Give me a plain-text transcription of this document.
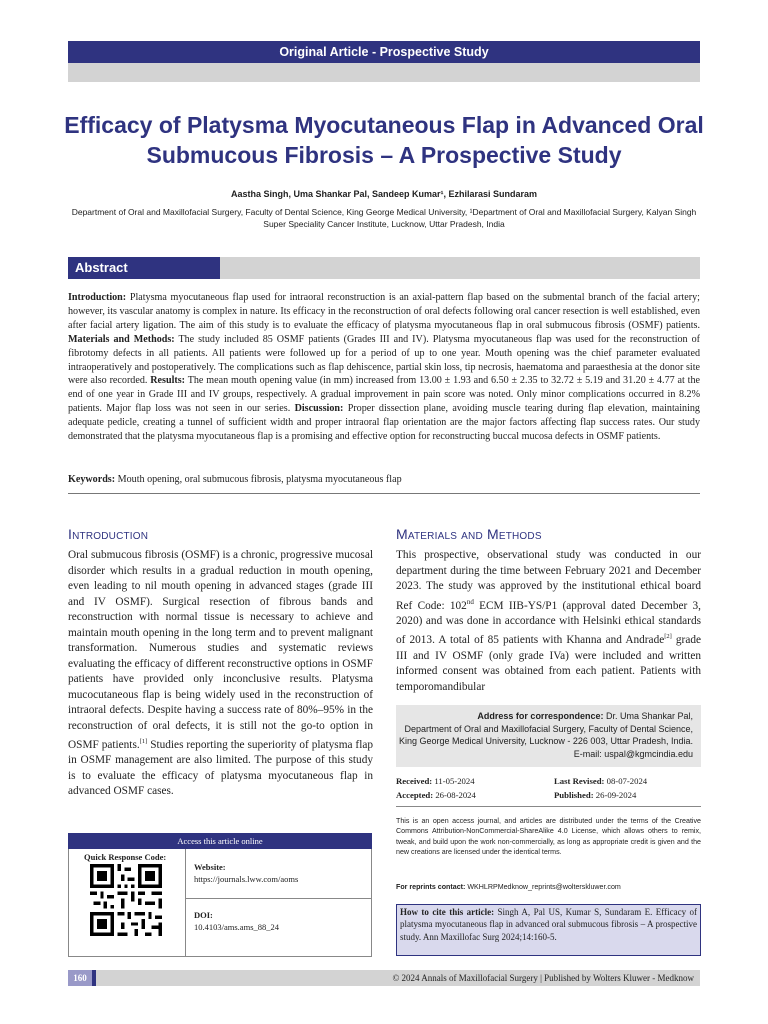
Original Article - Prospective Study
Efficacy of Platysma Myocutaneous Flap in Advanced Oral Submucous Fibrosis – A Prospective Study
Aastha Singh, Uma Shankar Pal, Sandeep Kumar¹, Ezhilarasi Sundaram
Department of Oral and Maxillofacial Surgery, Faculty of Dental Science, King George Medical University, ¹Department of Oral and Maxillofacial Surgery, Kalyan Singh Super Speciality Cancer Institute, Lucknow, Uttar Pradesh, India
Abstract
Introduction: Platysma myocutaneous flap used for intraoral reconstruction is an axial-pattern flap based on the submental branch of the facial artery; however, its vascular anatomy is complex in nature. Its efficacy in the reconstruction of oral defects following oral cancer resection is well established, even after facial artery ligation. The aim of this study is to evaluate the efficacy of platysma myocutaneous flap in oral submucous fibrosis (OSMF) patients. Materials and Methods: The study included 85 OSMF patients (Grades III and IV). Platysma myocutaneous flap was used for the reconstruction of fibrotomy defects in all patients. All patients were followed up for a period of up to one year. Mouth opening was the chief parameter evaluated intraoperatively and postoperatively. The complications such as flap dehiscence, partial skin loss, tip necrosis, haematoma and paraesthesia at the donor site were also recorded. Results: The mean mouth opening value (in mm) increased from 13.00 ± 1.93 and 6.50 ± 2.35 to 32.72 ± 5.19 and 31.20 ± 4.77 at the end of one year in Grade III and IV groups, respectively. A gradual improvement in pain score was noted. Only minor complications occurred in 8.2% patients. Major flap loss was not seen in our series. Discussion: Proper dissection plane, avoiding muscle tearing during flap elevation, maintaining adequate pedicle, creating a tunnel of sufficient width and proper intraoral flap orientation are the major factors affecting flap success rates. Our study demonstrated that the platysma myocutaneous flap is a promising and effective option for reconstructing buccal mucosa defects in OSMF patients.
Keywords: Mouth opening, oral submucous fibrosis, platysma myocutaneous flap
Introduction
Oral submucous fibrosis (OSMF) is a chronic, progressive mucosal disorder which results in a gradual reduction in mouth opening, even leading to nil mouth opening in advanced stages (grade III and IV OSMF). Surgical resection of fibrous bands and reconstruction with normal tissue is necessary to achieve and maintain mouth opening in the long term and to prevent malignant transformation. Numerous studies and systematic reviews evaluating the efficacy of different reconstructive options in OSMF patients have provided only inconclusive results. Platysma mucocutaneous flap is being widely used in the reconstruction of intraoral defects. Despite having a success rate of 80%–95% in the reconstruction of oral defects, it is still not the go-to option in OSMF patients.[1] Studies reporting the superiority of platysma flap in OSMF management are also limited. The purpose of this study is to evaluate the efficacy of platysma myocutaneous flap in advanced OSMF cases.
Materials and Methods
This prospective, observational study was conducted in our department during the time between February 2021 and December 2023. The study was approved by the institutional ethical board Ref Code: 102nd ECM IIB-YS/P1 (approval dated December 3, 2020) and was done in accordance with Helsinki ethical standards of 2013. A total of 85 patients with Khanna and Andrade[2] grade III and IV OSMF (only grade IVa) were included and written informed consent was obtained from each patient. Patients with temporomandibular
Access this article online
Quick Response Code:
Website:
https://journals.lww.com/aoms
DOI:
10.4103/ams.ams_88_24
Address for correspondence: Dr. Uma Shankar Pal,
Department of Oral and Maxillofacial Surgery, Faculty of Dental Science,
King George Medical University, Lucknow - 226 003, Uttar Pradesh, India.
E-mail: uspal@kgmcindia.edu
Received: 11-05-2024	Last Revised: 08-07-2024
Accepted: 26-08-2024	Published: 26-09-2024
This is an open access journal, and articles are distributed under the terms of the Creative Commons Attribution-NonCommercial-ShareAlike 4.0 License, which allows others to remix, tweak, and build upon the work non-commercially, as long as appropriate credit is given and the new creations are licensed under the identical terms.
For reprints contact: WKHLRPMedknow_reprints@wolterskluwer.com
How to cite this article: Singh A, Pal US, Kumar S, Sundaram E. Efficacy of platysma myocutaneous flap in advanced oral submucous fibrosis – A prospective study. Ann Maxillofac Surg 2024;14:160-5.
160	© 2024 Annals of Maxillofacial Surgery | Published by Wolters Kluwer - Medknow
